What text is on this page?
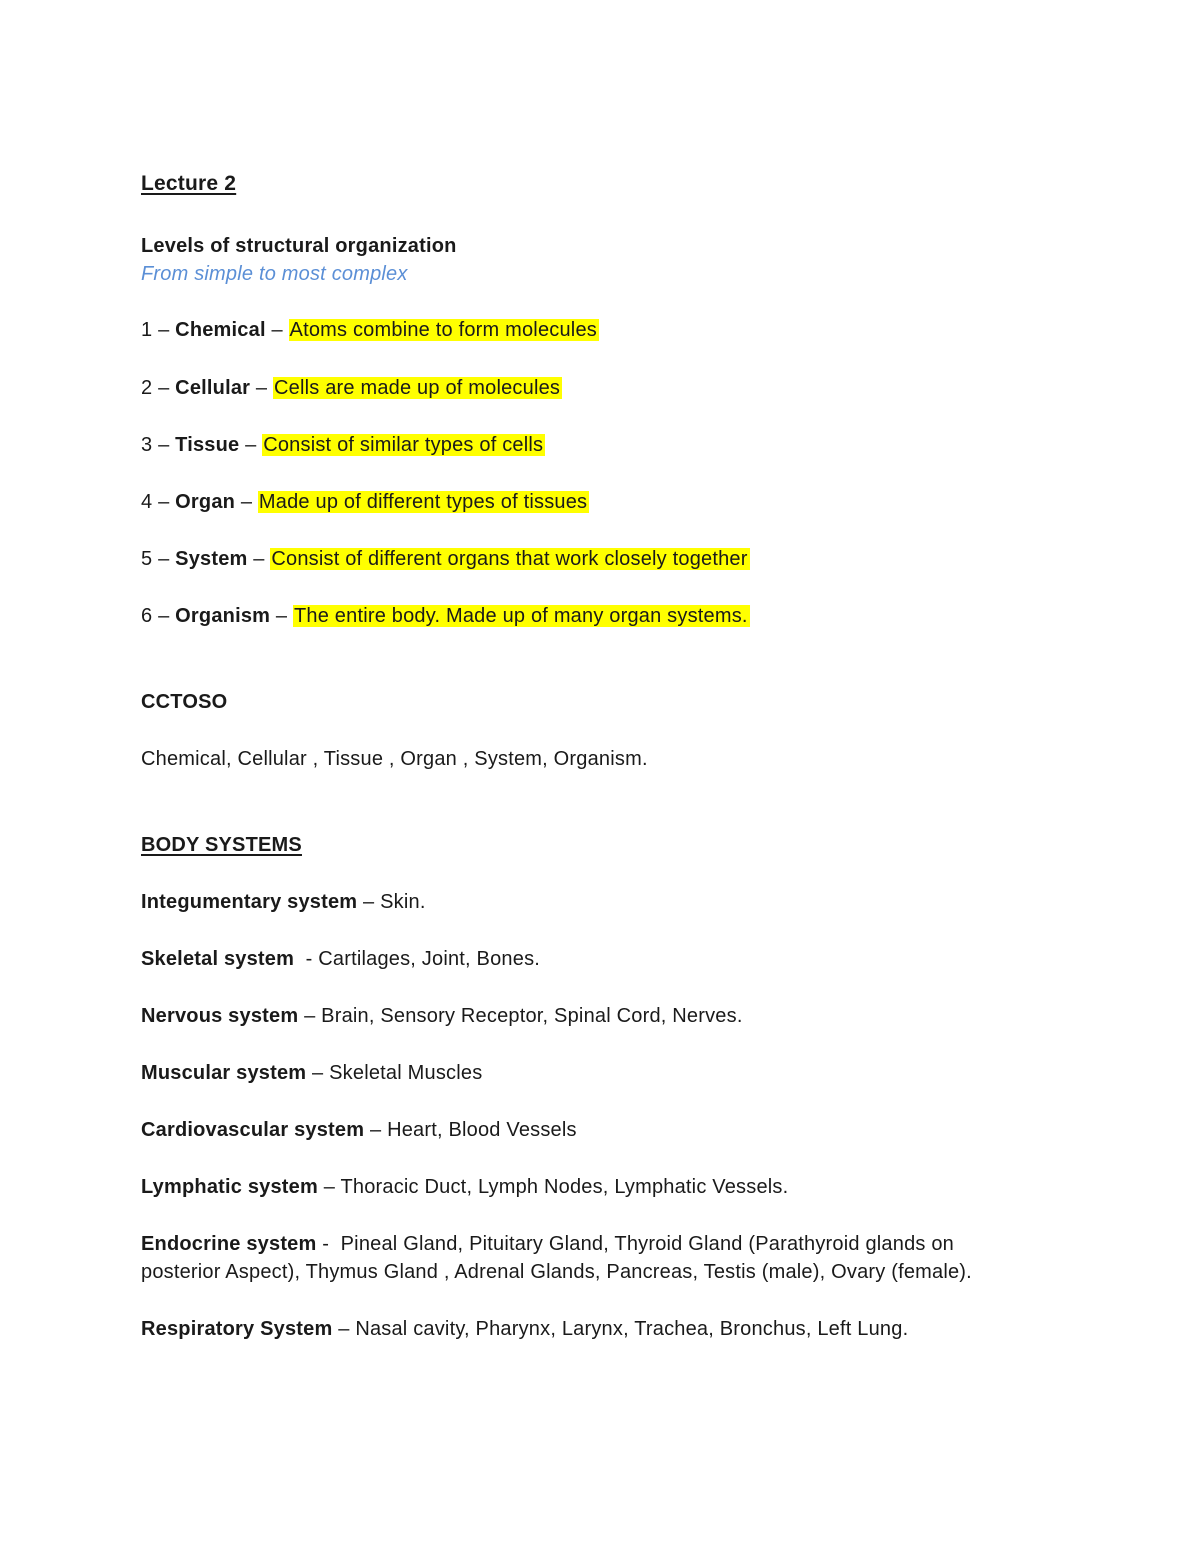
Lecture 2
Levels of structural organization
From simple to most complex
1 – Chemical – Atoms combine to form molecules
2 – Cellular – Cells are made up of molecules
3 – Tissue – Consist of similar types of cells
4 – Organ – Made up of different types of tissues
5 – System – Consist of different organs that work closely together
6 – Organism – The entire body. Made up of many organ systems.
CCTOSO
Chemical, Cellular , Tissue , Organ , System, Organism.
BODY SYSTEMS
Integumentary system – Skin.
Skeletal system  - Cartilages, Joint, Bones.
Nervous system – Brain, Sensory Receptor, Spinal Cord, Nerves.
Muscular system – Skeletal Muscles
Cardiovascular system – Heart, Blood Vessels
Lymphatic system – Thoracic Duct, Lymph Nodes, Lymphatic Vessels.
Endocrine system -  Pineal Gland, Pituitary Gland, Thyroid Gland (Parathyroid glands on posterior Aspect), Thymus Gland , Adrenal Glands, Pancreas, Testis (male), Ovary (female).
Respiratory System – Nasal cavity, Pharynx, Larynx, Trachea, Bronchus, Left Lung.
